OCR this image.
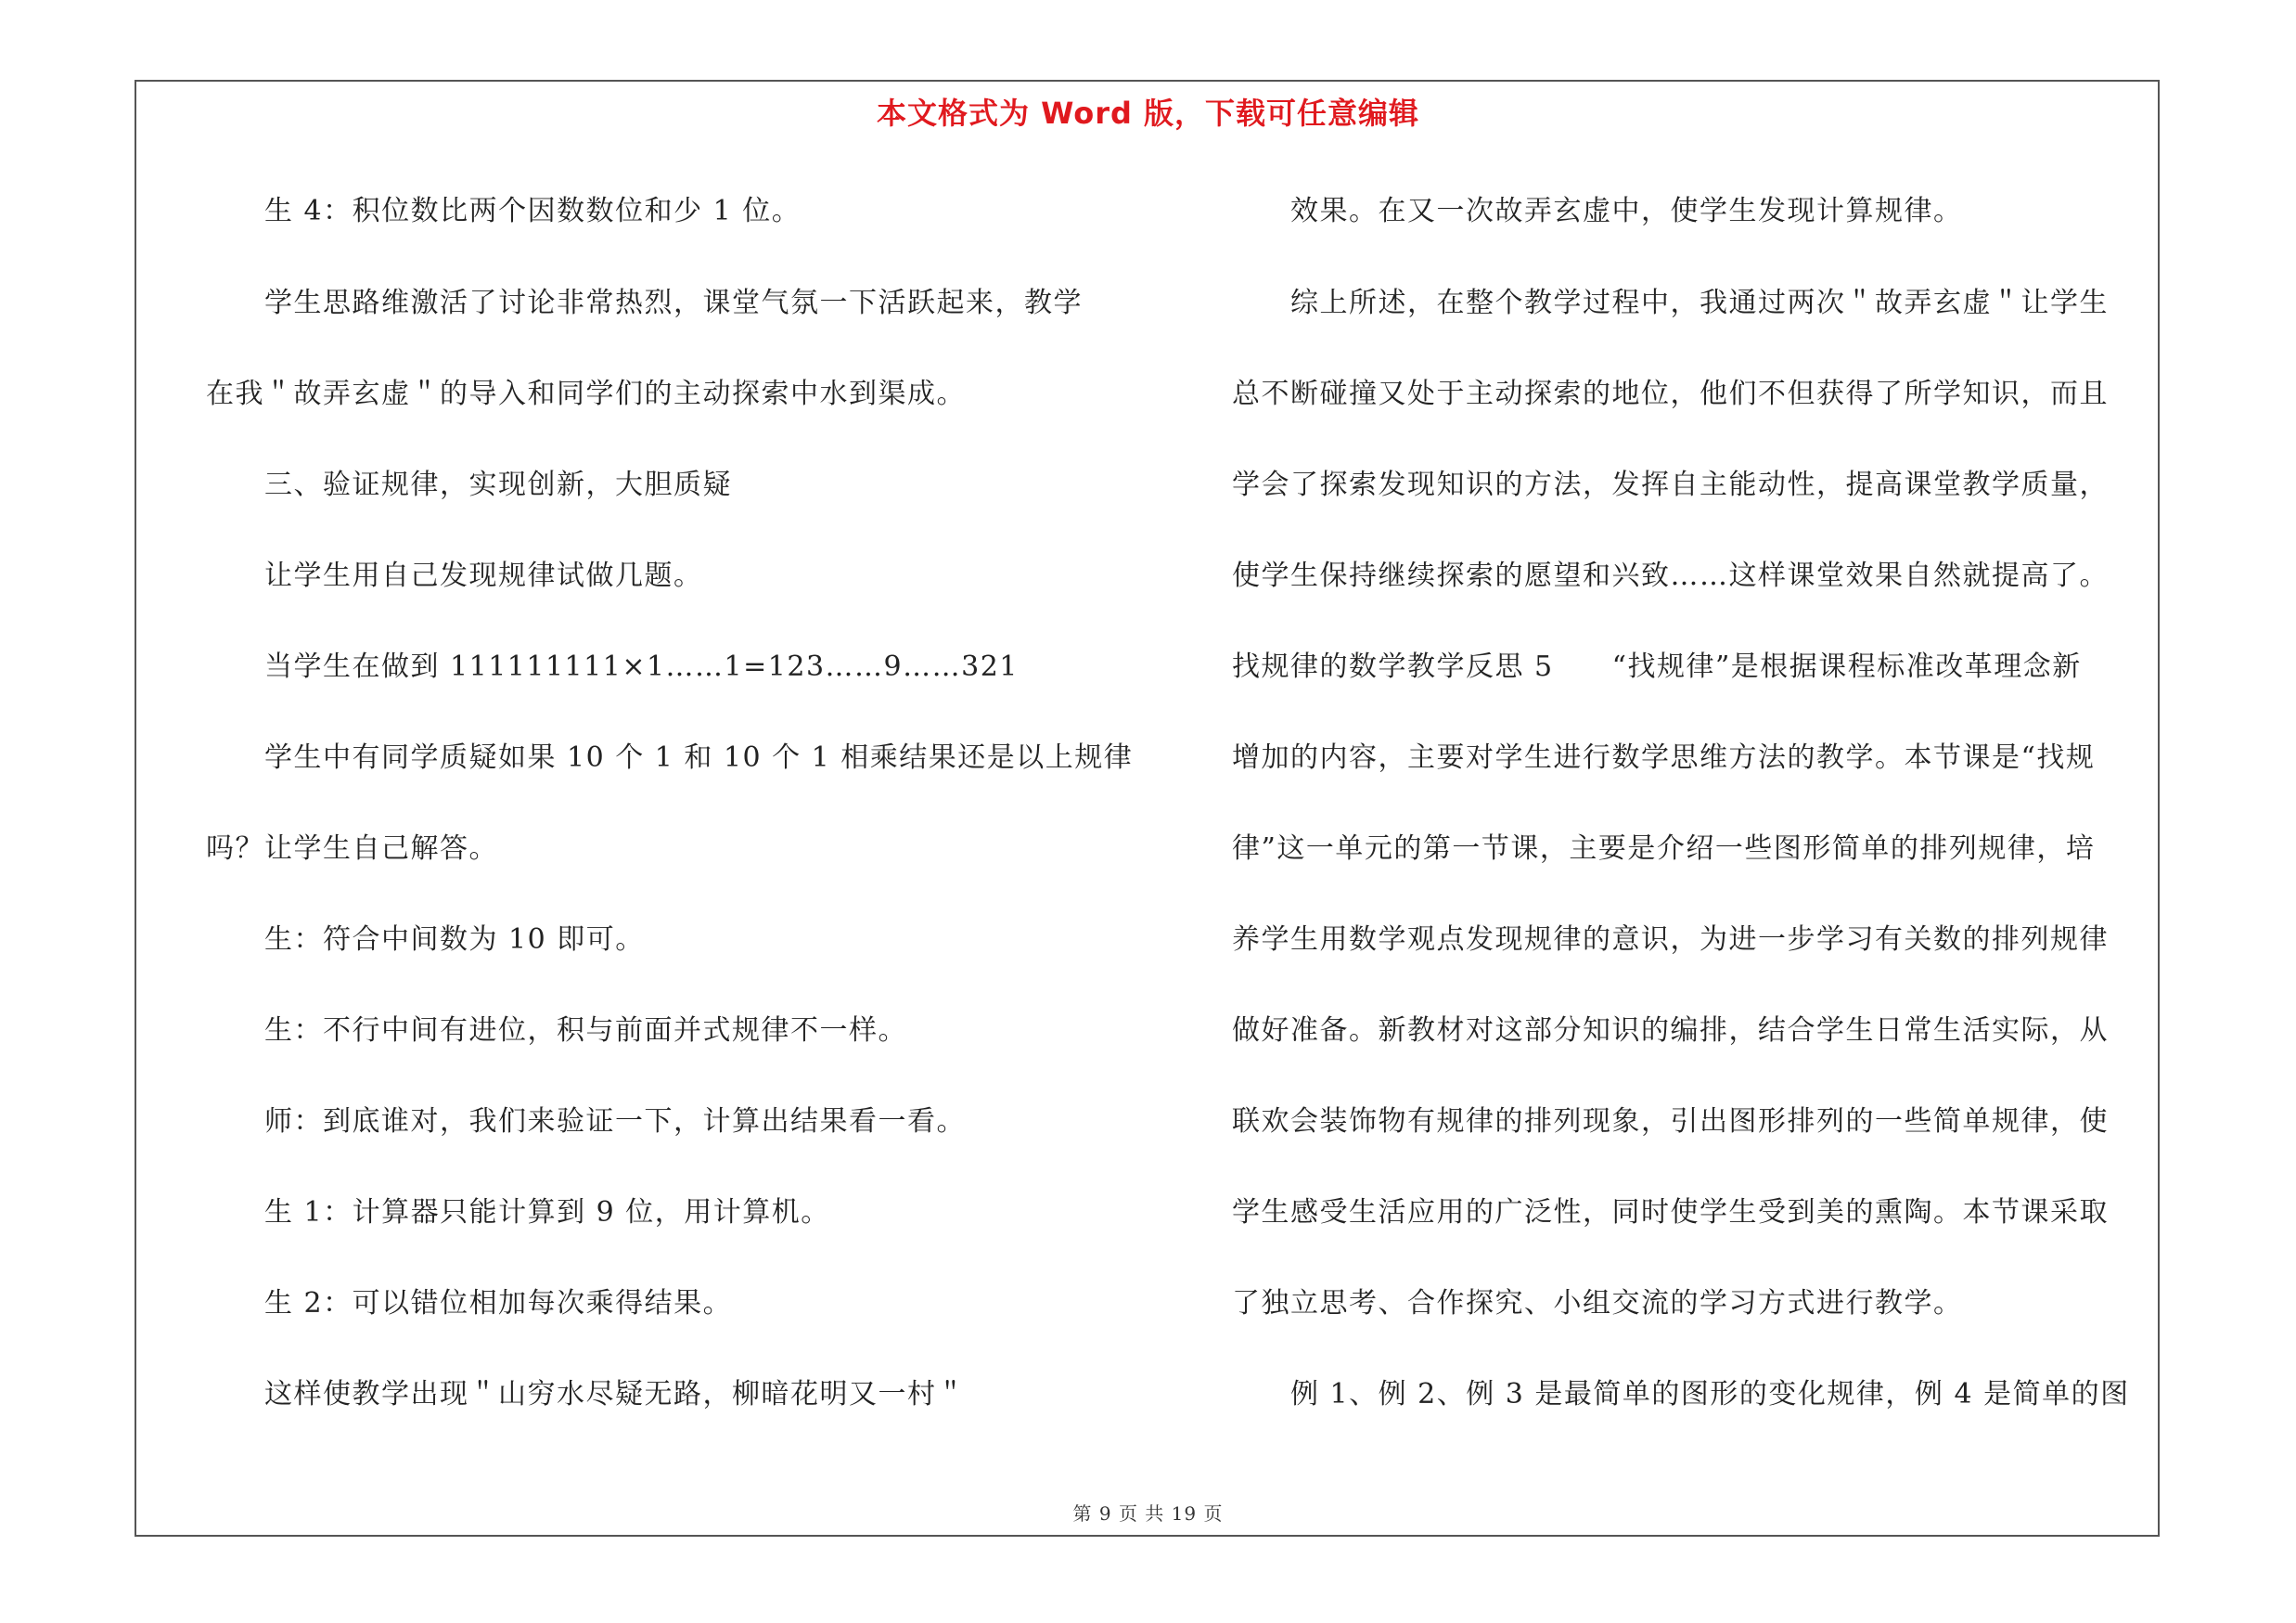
本文格式为 Word 版，下载可任意编辑
　　生 4：积位数比两个因数数位和少 1 位。
　　学生思路维激活了讨论非常热烈，课堂气氛一下活跃起来，教学
在我＂故弄玄虚＂的导入和同学们的主动探索中水到渠成。
　　三、验证规律，实现创新，大胆质疑
　　让学生用自己发现规律试做几题。
　　当学生在做到 111111111×1……1=123……9……321
　　学生中有同学质疑如果 10 个 1 和 10 个 1 相乘结果还是以上规律
吗？让学生自己解答。
　　生：符合中间数为 10 即可。
　　生：不行中间有进位，积与前面并式规律不一样。
　　师：到底谁对，我们来验证一下，计算出结果看一看。
　　生 1：计算器只能计算到 9 位，用计算机。
　　生 2：可以错位相加每次乘得结果。
　　这样使教学出现＂山穷水尽疑无路，柳暗花明又一村＂
　　效果。在又一次故弄玄虚中，使学生发现计算规律。
　　综上所述，在整个教学过程中，我通过两次＂故弄玄虚＂让学生
总不断碰撞又处于主动探索的地位，他们不但获得了所学知识，而且
学会了探索发现知识的方法，发挥自主能动性，提高课堂教学质量，
使学生保持继续探索的愿望和兴致……这样课堂效果自然就提高了。
找规律的数学教学反思 5　　“找规律”是根据课程标准改革理念新
增加的内容，主要对学生进行数学思维方法的教学。本节课是“找规
律”这一单元的第一节课，主要是介绍一些图形简单的排列规律，培
养学生用数学观点发现规律的意识，为进一步学习有关数的排列规律
做好准备。新教材对这部分知识的编排，结合学生日常生活实际，从
联欢会装饰物有规律的排列现象，引出图形排列的一些简单规律，使
学生感受生活应用的广泛性，同时使学生受到美的熏陶。本节课采取
了独立思考、合作探究、小组交流的学习方式进行教学。
　　例 1、例 2、例 3 是最简单的图形的变化规律，例 4 是简单的图
第 9 页 共 19 页
